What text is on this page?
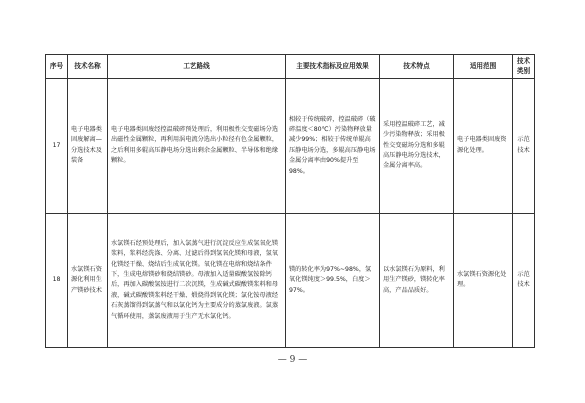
序号	技术名称	工艺路线	主要技术指标及应用效果	技术特点	适用范围	技术类别
17	电子电器类固废解离—分选技术及装备	电子电器类固废经控温破碎预处理后，利用极性交变磁场分选出磁性金属颗粒，再利用涡电流分选出小粒径有色金属颗粒，之后利用多辊高压静电场分选出剩余金属颗粒、半导体和绝缘颗粒。	相较于传统破碎，控温破碎（破碎温度＜80℃）污染物释放量减少99%；相较于传统单辊高压静电场分选，多辊高压静电场金属分离率由90%提升至98%。	采用控温破碎工艺，减少污染物释放；采用极性交变磁场分选和多辊高压静电场分选技术，金属分离率高。	电子电器类固废资源化处理。	示范技术
18	水氯镁石资源化利用生产镁砂技术	水氯镁石经预处理后，加入氯蒸气进行沉淀反应生成氢氧化镁浆料，浆料经洗涤、分离、过滤后得到氢氧化镁和母液，氢氧化镁经干燥、烧结后生成氧化镁。氧化镁在电熔和烧结条件下，生成电熔镁砂和烧结镁砂。母液加入适量碳酸氢铵除钙后，再加入碳酸氢铵进行二次沉镁，生成碱式碳酸镁浆料和母液，碱式碳酸镁浆料经干燥、煅烧得到氧化镁；氯化铵母液经石灰蒸馏得到氯蒸气和以氯化钙为主要成分的蒸氯废液。氯蒸气循环使用，蒸氯废液用于生产无水氯化钙。	镁的转化率为97%~98%，氢氧化镁纯度＞99.5%，白度＞97%。	以水氯镁石为原料，利用生产镁砂，镁转化率高，产品品质好。	水氯镁石资源化处理。	示范技术
— 9 —
